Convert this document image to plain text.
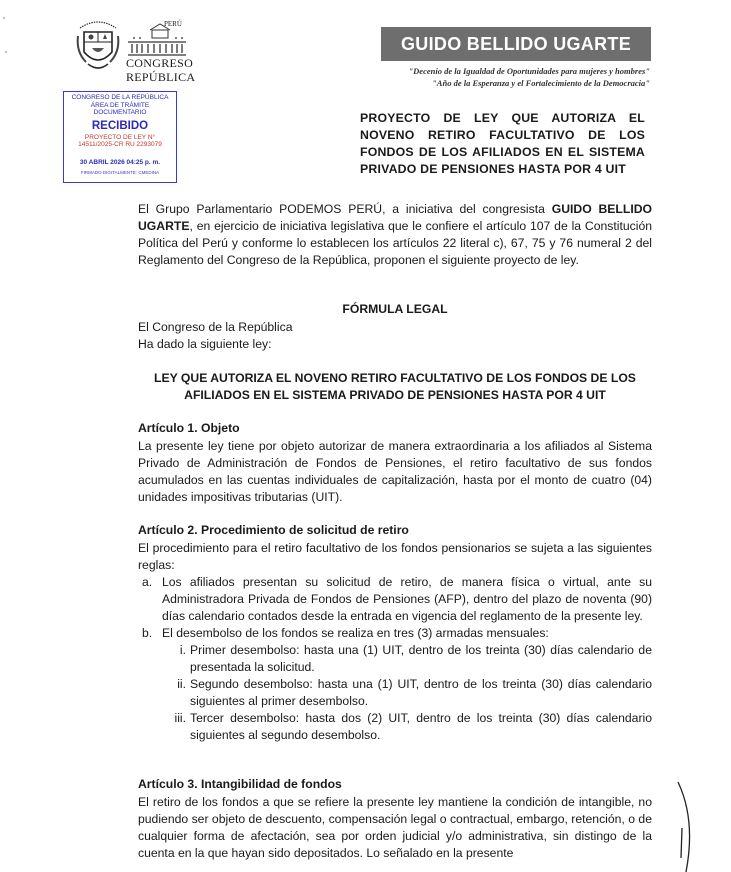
PERÚ
CONGRESO
REPÚBLICA
CONGRESO DE LA REPÚBLICA
ÁREA DE TRÁMITE DOCUMENTARIO
RECIBIDO
PROYECTO DE LEY N°
14511/2025-CR RU 2293079
30 ABRIL 2026 04:25 p. m.
FIRMADO DIGITALMENTE: CMEDINA
GUIDO BELLIDO UGARTE
"Decenio de la Igualdad de Oportunidades para mujeres y hombres"
"Año de la Esperanza y el Fortalecimiento de la Democracia"
PROYECTO DE LEY QUE AUTORIZA EL
NOVENO RETIRO FACULTATIVO DE LOS
FONDOS DE LOS AFILIADOS EN EL SISTEMA
PRIVADO DE PENSIONES HASTA POR 4 UIT
El Grupo Parlamentario PODEMOS PERÚ, a iniciativa del congresista GUIDO BELLIDO UGARTE, en ejercicio de iniciativa legislativa que le confiere el artículo 107 de la Constitución Política del Perú y conforme lo establecen los artículos 22 literal c), 67, 75 y 76 numeral 2 del Reglamento del Congreso de la República, proponen el siguiente proyecto de ley.
FÓRMULA LEGAL
El Congreso de la República
Ha dado la siguiente ley:
LEY QUE AUTORIZA EL NOVENO RETIRO FACULTATIVO DE LOS FONDOS DE LOS
AFILIADOS EN EL SISTEMA PRIVADO DE PENSIONES HASTA POR 4 UIT
Artículo 1. Objeto
La presente ley tiene por objeto autorizar de manera extraordinaria a los afiliados al Sistema Privado de Administración de Fondos de Pensiones, el retiro facultativo de sus fondos acumulados en las cuentas individuales de capitalización, hasta por el monto de cuatro (04) unidades impositivas tributarias (UIT).
Artículo 2. Procedimiento de solicitud de retiro
El procedimiento para el retiro facultativo de los fondos pensionarios se sujeta a las siguientes reglas:
a. Los afiliados presentan su solicitud de retiro, de manera física o virtual, ante su Administradora Privada de Fondos de Pensiones (AFP), dentro del plazo de noventa (90) días calendario contados desde la entrada en vigencia del reglamento de la presente ley.
b. El desembolso de los fondos se realiza en tres (3) armadas mensuales:
i. Primer desembolso: hasta una (1) UIT, dentro de los treinta (30) días calendario de presentada la solicitud.
ii. Segundo desembolso: hasta una (1) UIT, dentro de los treinta (30) días calendario siguientes al primer desembolso.
iii. Tercer desembolso: hasta dos (2) UIT, dentro de los treinta (30) días calendario siguientes al segundo desembolso.
Artículo 3. Intangibilidad de fondos
El retiro de los fondos a que se refiere la presente ley mantiene la condición de intangible, no pudiendo ser objeto de descuento, compensación legal o contractual, embargo, retención, o de cualquier forma de afectación, sea por orden judicial y/o administrativa, sin distingo de la cuenta en la que hayan sido depositados. Lo señalado en la presente
